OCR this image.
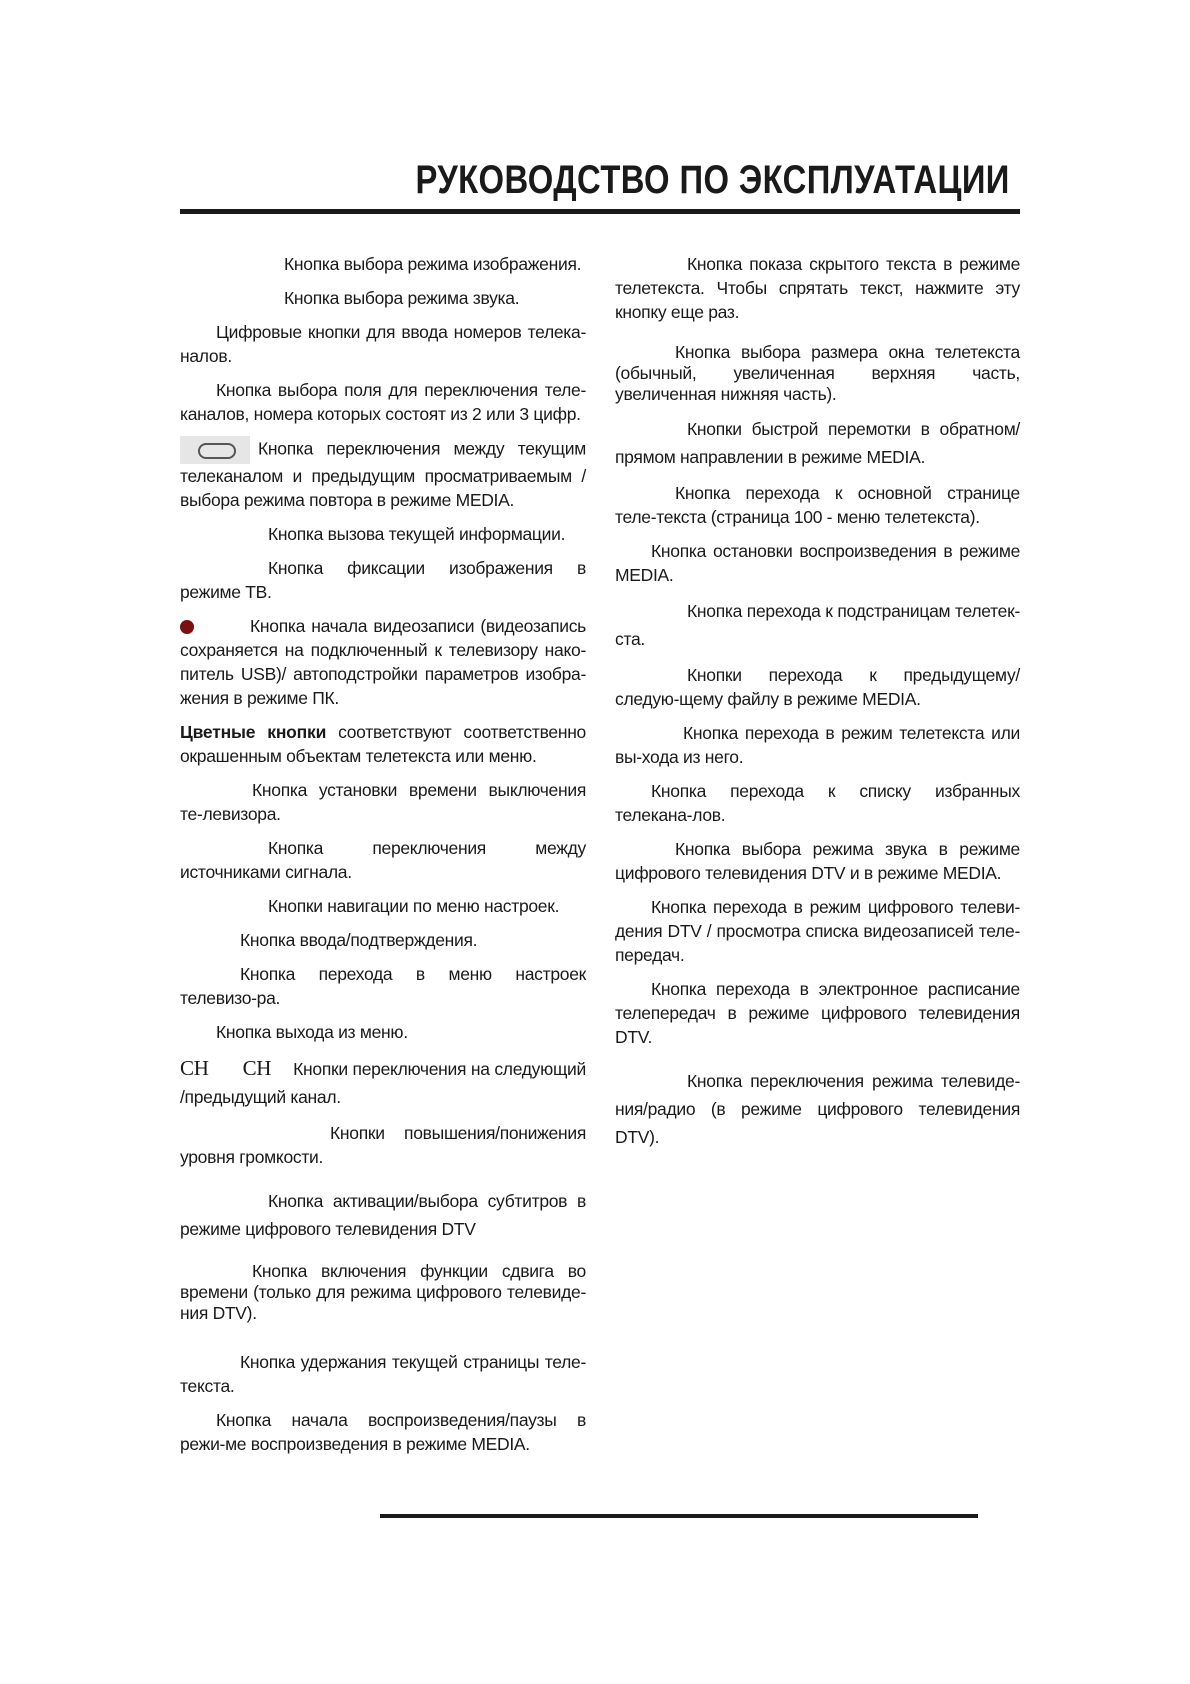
РУКОВОДСТВО ПО ЭКСПЛУАТАЦИИ

Кнопка выбора режима изображения.

Кнопка выбора режима звука.

Цифровые кнопки для ввода номеров телека-налов.

Кнопка выбора поля для переключения теле-каналов, номера которых состоят из 2 или 3 цифр.

Кнопка переключения между текущим телеканалом и предыдущим просматриваемым / выбора режима повтора в режиме MEDIA.

Кнопка вызова текущей информации.

Кнопка фиксации изображения в режиме ТВ.

Кнопка начала видеозаписи (видеозапись сохраняется на подключенный к телевизору нако-питель USB)/ автоподстройки параметров изобра-жения в режиме ПК.

Цветные кнопки соответствуют соответственно окрашенным объектам телетекста или меню.

Кнопка установки времени выключения те-левизора.

Кнопка переключения между источниками сигнала.

Кнопки навигации по меню настроек.

Кнопка ввода/подтверждения.

Кнопка перехода в меню настроек телевизо-ра.

Кнопка выхода из меню.

CH CH Кнопки переключения на следующий /предыдущий канал.

Кнопки повышения/понижения уровня громкости.

Кнопка активации/выбора субтитров в режиме цифрового телевидения DTV

Кнопка включения функции сдвига во времени (только для режима цифрового телевиде-ния DTV).

Кнопка удержания текущей страницы теле-текста.

Кнопка начала воспроизведения/паузы в режи-ме воспроизведения в режиме MEDIA.

Кнопка показа скрытого текста в режиме телетекста. Чтобы спрятать текст, нажмите эту кнопку еще раз.

Кнопка выбора размера окна телетекста (обычный, увеличенная верхняя часть, увеличенная нижняя часть).

Кнопки быстрой перемотки в обратном/ прямом направлении в режиме MEDIA.

Кнопка перехода к основной странице теле-текста (страница 100 - меню телетекста).

Кнопка остановки воспроизведения в режиме MEDIA.

Кнопка перехода к подстраницам телетек-ста.

Кнопки перехода к предыдущему/ следую-щему файлу в режиме MEDIA.

Кнопка перехода в режим телетекста или вы-хода из него.

Кнопка перехода к списку избранных телекана-лов.

Кнопка выбора режима звука в режиме цифрового телевидения DTV и в режиме MEDIA.

Кнопка перехода в режим цифрового телеви-дения DTV / просмотра списка видеозаписей теле-передач.

Кнопка перехода в электронное расписание телепередач в режиме цифрового телевидения DTV.

Кнопка переключения режима телевиде-ния/радио (в режиме цифрового телевидения DTV).
